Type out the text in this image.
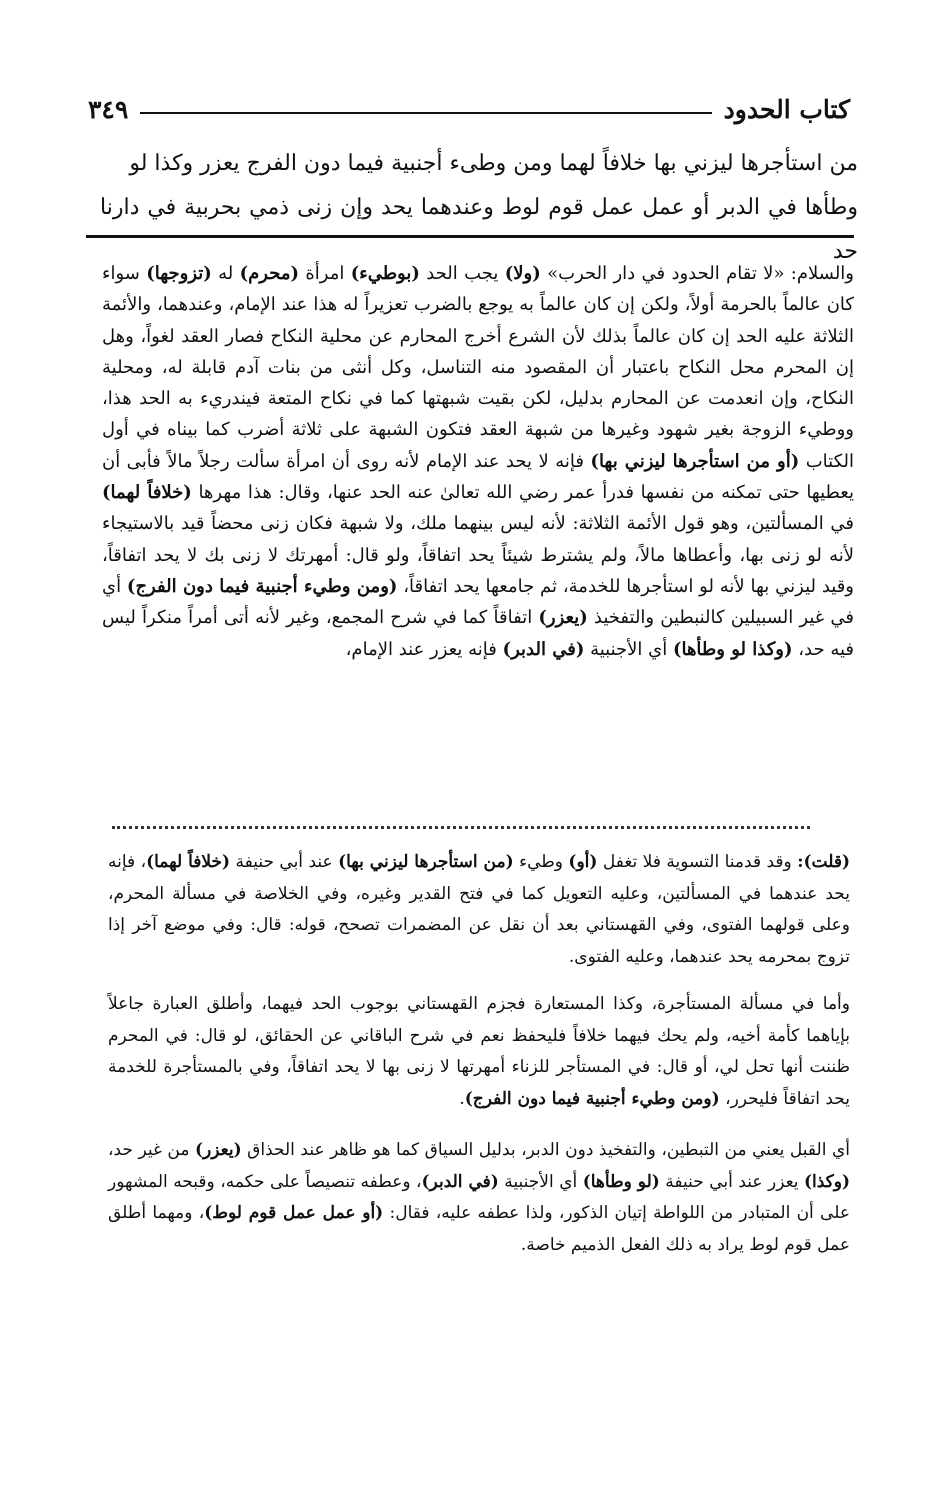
كتاب الحدود
٣٤٩
من استأجرها ليزني بها خلافاً لهما ومن وطىء أجنبية فيما دون الفرج يعزر وكذا لو
وطأها في الدبر أو عمل عمل قوم لوط وعندهما يحد وإن زنى ذمي بحربية في دارنا حد
والسلام: «لا تقام الحدود في دار الحرب» (ولا) يجب الحد (بوطيء) امرأة (محرم) له (تزوجها) سواء كان عالماً بالحرمة أولاً، ولكن إن كان عالماً به يوجع بالضرب تعزيراً له هذا عند الإمام، وعندهما، والأئمة الثلاثة عليه الحد إن كان عالماً بذلك لأن الشرع أخرج المحارم عن محلية النكاح فصار العقد لغواً، وهل إن المحرم محل النكاح باعتبار أن المقصود منه التناسل، وكل أنثى من بنات آدم قابلة له، ومحلية النكاح، وإن انعدمت عن المحارم بدليل، لكن بقيت شبهتها كما في نكاح المتعة فيندريء به الحد هذا، ووطيء الزوجة بغير شهود وغيرها من شبهة العقد فتكون الشبهة على ثلاثة أضرب كما بيناه في أول الكتاب (أو من استأجرها ليزني بها) فإنه لا يحد عند الإمام لأنه روى أن امرأة سألت رجلاً مالاً فأبى أن يعطيها حتى تمكنه من نفسها فدرأ عمر رضي الله تعالىٰ عنه الحد عنها، وقال: هذا مهرها (خلافاً لهما) في المسألتين، وهو قول الأئمة الثلاثة: لأنه ليس بينهما ملك، ولا شبهة فكان زنى محضاً قيد بالاستيجاء لأنه لو زنى بها، وأعطاها مالاً، ولم يشترط شيئاً يحد اتفاقاً، ولو قال: أمهرتك لا زنى بك لا يحد اتفاقاً، وقيد ليزني بها لأنه لو استأجرها للخدمة، ثم جامعها يحد اتفاقاً، (ومن وطيء أجنبية فيما دون الفرج) أي في غير السبيلين كالنبطين والتفخيذ (يعزر) اتفاقاً كما في شرح المجمع، وغير لأنه أتى أمراً منكراً ليس فيه حد، (وكذا لو وطأها) أي الأجنبية (في الدبر) فإنه يعزر عند الإمام،

(قلت): وقد قدمنا التسوية فلا تغفل (أو) وطيء (من استأجرها ليزني بها) عند أبي حنيفة (خلافاً لهما)، فإنه يحد عندهما في المسألتين، وعليه التعويل كما في فتح القدير وغيره، وفي الخلاصة في مسألة المحرم، وعلى قولهما الفتوى، وفي القهستاني بعد أن نقل عن المضمرات تصحح، قوله: قال: وفي موضع آخر إذا تزوج بمحرمه يحد عندهما، وعليه الفتوى.

وأما في مسألة المستأجرة، وكذا المستعارة فجزم القهستاني بوجوب الحد فيهما، وأطلق العبارة جاعلاً بإياهما كأمة أخيه، ولم يحك فيهما خلافاً فليحفظ نعم في شرح الباقاني عن الحقائق، لو قال: في المحرم ظننت أنها تحل لي، أو قال: في المستأجر للزناء أمهرتها لا زنى بها لا يحد اتفاقاً، وفي بالمستأجرة للخدمة يحد اتفاقاً فليحرر، (ومن وطيء أجنبية فيما دون الفرج).

أي القبل يعني من التبطين، والتفخيذ دون الدبر، بدليل السياق كما هو ظاهر عند الحذاق (يعزر) من غير حد، (وكذا) يعزر عند أبي حنيفة (لو وطأها) أي الأجنبية (في الدبر)، وعطفه تنصيصاً على حكمه، وقبحه المشهور على أن المتبادر من اللواطة إتيان الذكور، ولذا عطفه عليه، فقال: (أو عمل عمل قوم لوط)، ومهما أطلق عمل قوم لوط يراد به ذلك الفعل الذميم خاصة.
